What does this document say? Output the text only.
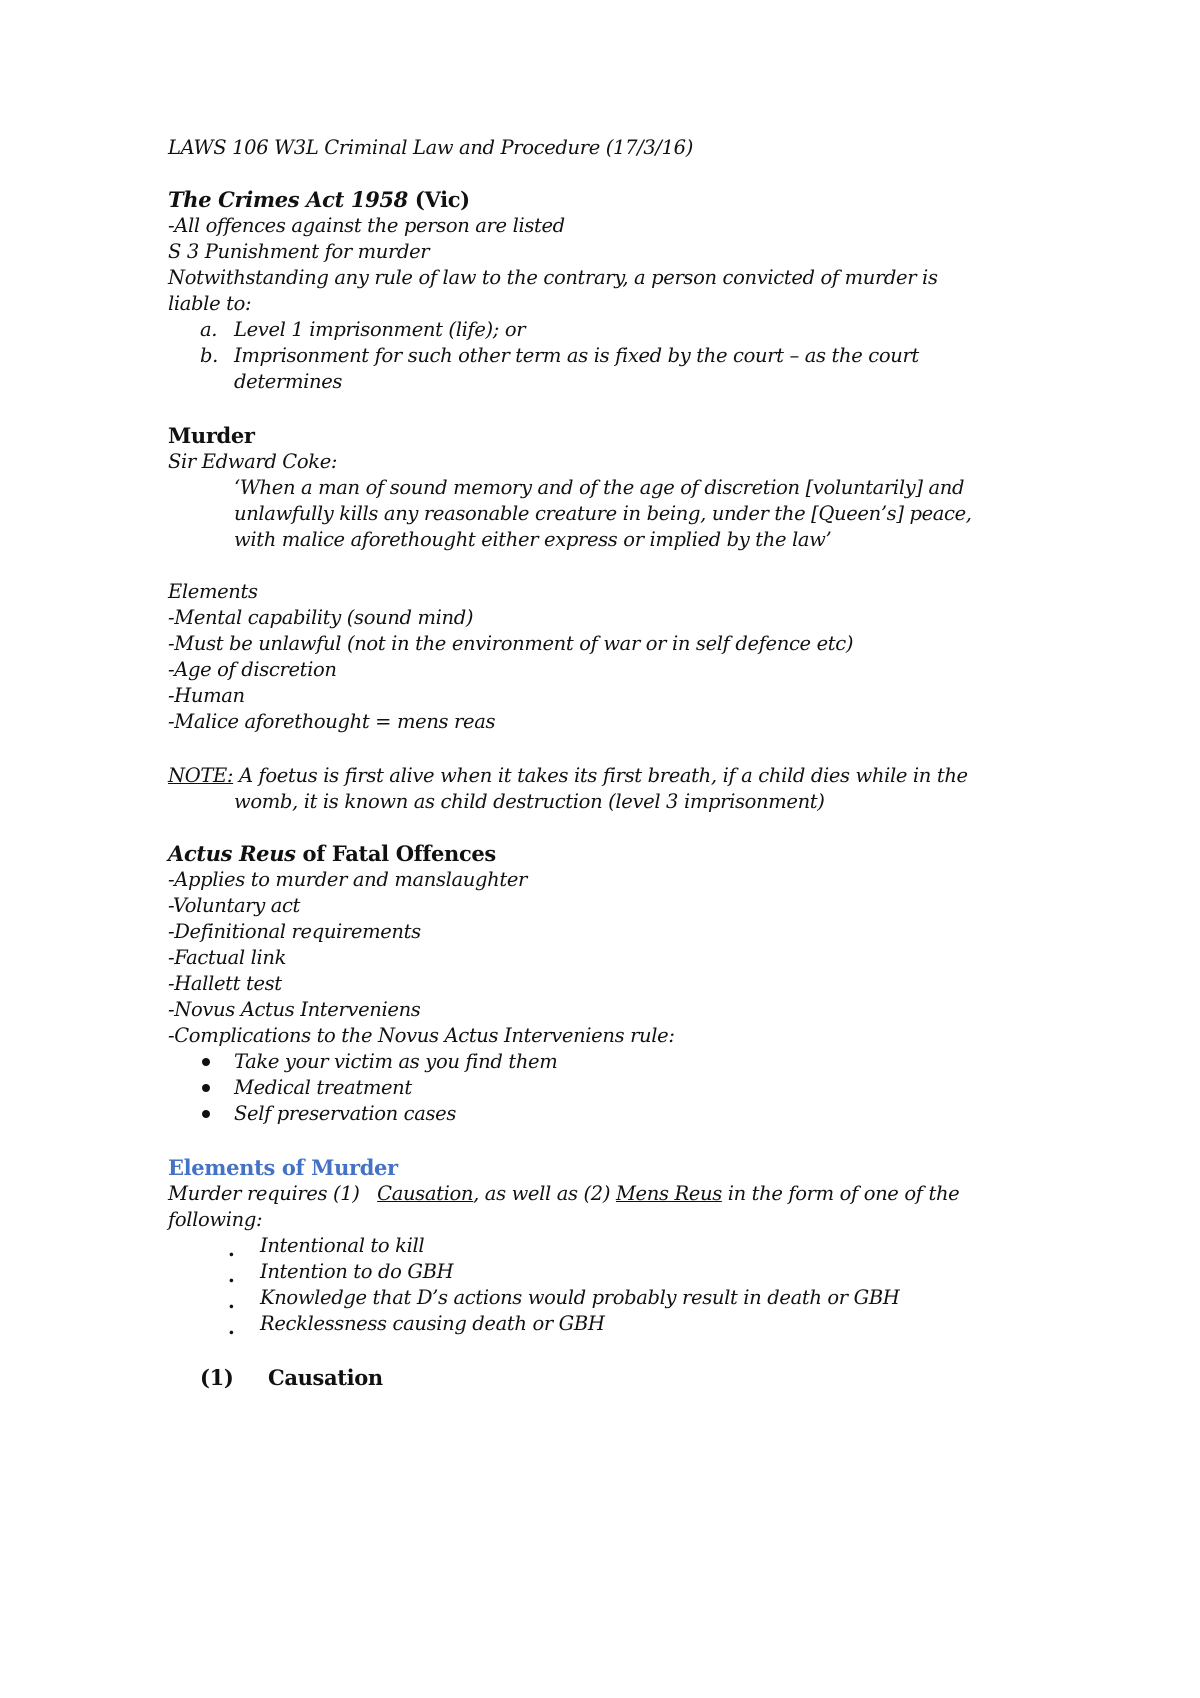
LAWS 106 W3L Criminal Law and Procedure (17/3/16)
The Crimes Act 1958 (Vic)
-All offences against the person are listed
S 3 Punishment for murder
Notwithstanding any rule of law to the contrary, a person convicted of murder is
liable to:
a. Level 1 imprisonment (life); or
b. Imprisonment for such other term as is fixed by the court – as the court
determines
Murder
Sir Edward Coke:
‘When a man of sound memory and of the age of discretion [voluntarily] and
unlawfully kills any reasonable creature in being, under the [Queen’s] peace,
with malice aforethought either express or implied by the law’
Elements
-Mental capability (sound mind)
-Must be unlawful (not in the environment of war or in self defence etc)
-Age of discretion
-Human
-Malice aforethought = mens reas
NOTE: A foetus is first alive when it takes its first breath, if a child dies while in the
womb, it is known as child destruction (level 3 imprisonment)
Actus Reus of Fatal Offences
-Applies to murder and manslaughter
-Voluntary act
-Definitional requirements
-Factual link
-Hallett test
-Novus Actus Interveniens
-Complications to the Novus Actus Interveniens rule:
Take your victim as you find them
Medical treatment
Self preservation cases
Elements of Murder
Murder requires (1)   Causation, as well as (2) Mens Reus in the form of one of the
following:
. Intentional to kill
. Intention to do GBH
. Knowledge that D’s actions would probably result in death or GBH
. Recklessness causing death or GBH
(1) Causation
